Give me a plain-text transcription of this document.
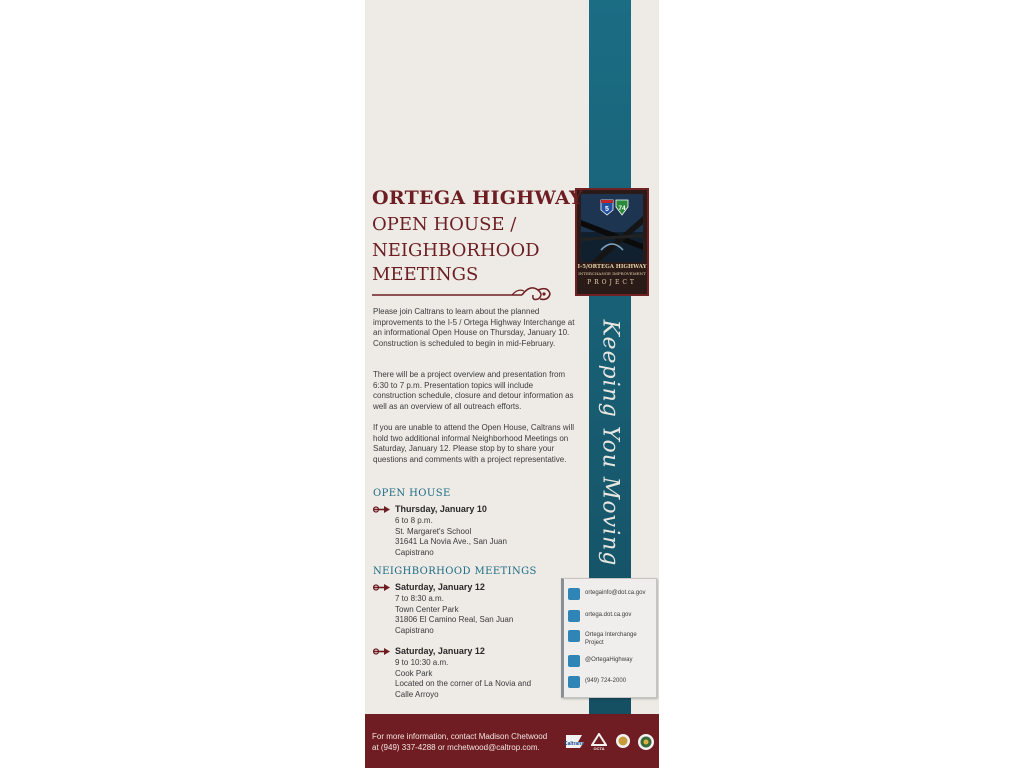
Keeping You Moving
5 74
I-5/ORTEGA HIGHWAY
INTERCHANGE IMPROVEMENT
PROJECT
ORTEGA HIGHWAY
OPEN HOUSE /
NEIGHBORHOOD
MEETINGS
Please join Caltrans to learn about the planned improvements to the I-5 / Ortega Highway Interchange at an informational Open House on Thursday, January 10. Construction is scheduled to begin in mid-February.
There will be a project overview and presentation from 6:30 to 7 p.m. Presentation topics will include construction schedule, closure and detour information as well as an overview of all outreach efforts.
If you are unable to attend the Open House, Caltrans will hold two additional informal Neighborhood Meetings on Saturday, January 12. Please stop by to share your questions and comments with a project representative.
OPEN HOUSE
Thursday, January 10
6 to 8 p.m.
St. Margaret's School
31641 La Novia Ave., San Juan Capistrano
NEIGHBORHOOD MEETINGS
Saturday, January 12
7 to 8:30 a.m.
Town Center Park
31806 El Camino Real, San Juan Capistrano
Saturday, January 12
9 to 10:30 a.m.
Cook Park
Located on the corner of La Novia and Calle Arroyo
ortegainfo@dot.ca.gov
ortega.dot.ca.gov
Ortega Interchange Project
@OrtegaHighway
(949) 724-2000
For more information, contact Madison Chetwood
at (949) 337-4288 or mchetwood@caltrop.com.	Caltrans
OCTA
